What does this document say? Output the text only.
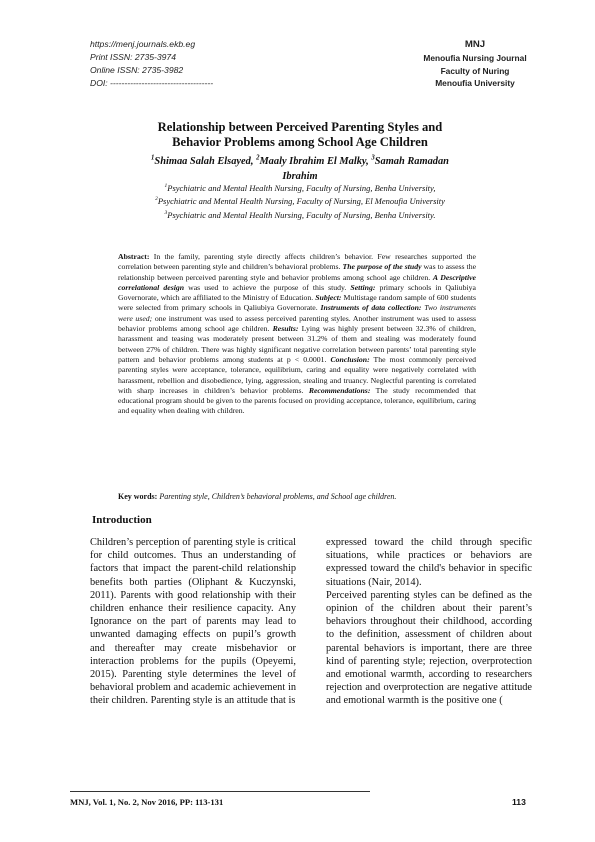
https://menj.journals.ekb.eg
Print ISSN: 2735-3974
Online ISSN: 2735-3982
DOI: ------------------------------------
MNJ
Menoufia Nursing Journal
Faculty of Nuring
Menoufia University
Relationship between Perceived Parenting Styles and
Behavior Problems among School Age Children
$^1$Shimaa Salah Elsayed, $^2$Maaly Ibrahim El Malky, $^3$Samah Ramadan
Ibrahim
$^1$Psychiatric and Mental Health Nursing, Faculty of Nursing, Benha University,
$^2$Psychiatric and Mental Health Nursing, Faculty of Nursing, El Menoufia University
$^3$Psychiatric and Mental Health Nursing, Faculty of Nursing, Benha University.
Abstract: In the family, parenting style directly affects children’s behavior. Few researches supported the correlation between parenting style and children’s behavioral problems. The purpose of the study was to assess the relationship between perceived parenting style and behavior problems among school age children. A Descriptive correlational design was used to achieve the purpose of this study. Setting: primary schools in Qaliubiya Governorate, which are affiliated to the Ministry of Education. Subject: Multistage random sample of 600 students were selected from primary schools in Qaliubiya Governorate. Instruments of data collection: Two instruments were used; one instrument was used to assess perceived parenting styles. Another instrument was used to assess behavior problems among school age children. Results: Lying was highly present between 32.3% of children, harassment and teasing was moderately present between 31.2% of them and stealing was moderately found between 27% of children. There was highly significant negative correlation between parents’ total parenting style pattern and behavior problems among students at p < 0.0001. Conclusion: The most commonly perceived parenting styles were acceptance, tolerance, equilibrium, caring and equality were negatively correlated with harassment, rebellion and disobedience, lying, aggression, stealing and truancy. Neglectful parenting is correlated with sharp increases in children’s behavior problems. Recommendations: The study recommended that educational program should be given to the parents focused on providing acceptance, tolerance, equilibrium, caring and equality when dealing with children.
Key words: Parenting style, Children’s behavioral problems, and School age children.
Introduction
Children’s perception of parenting style is critical for child outcomes. Thus an understanding of factors that impact the parent-child relationship benefits both parties (Oliphant & Kuczynski, 2011). Parents with good relationship with their children enhance their resilience capacity. Any Ignorance on the part of parents may lead to unwanted damaging effects on pupil’s growth and thereafter may create misbehavior or interaction problems for the pupils (Opeyemi, 2015). Parenting style determines the level of behavioral problem and academic achievement in their children. Parenting style is an attitude that is
expressed toward the child through specific situations, while practices or behaviors are expressed toward the child's behavior in specific situations (Nair, 2014).
Perceived parenting styles can be defined as the opinion of the children about their parent’s behaviors throughout their childhood, according to the definition, assessment of children about parental behaviors is important, there are three kind of parenting style; rejection, overprotection and emotional warmth, according to researchers rejection and overprotection are negative attitude and emotional warmth is the positive one (
MNJ, Vol. 1, No. 2, Nov 2016, PP: 113-131	113
